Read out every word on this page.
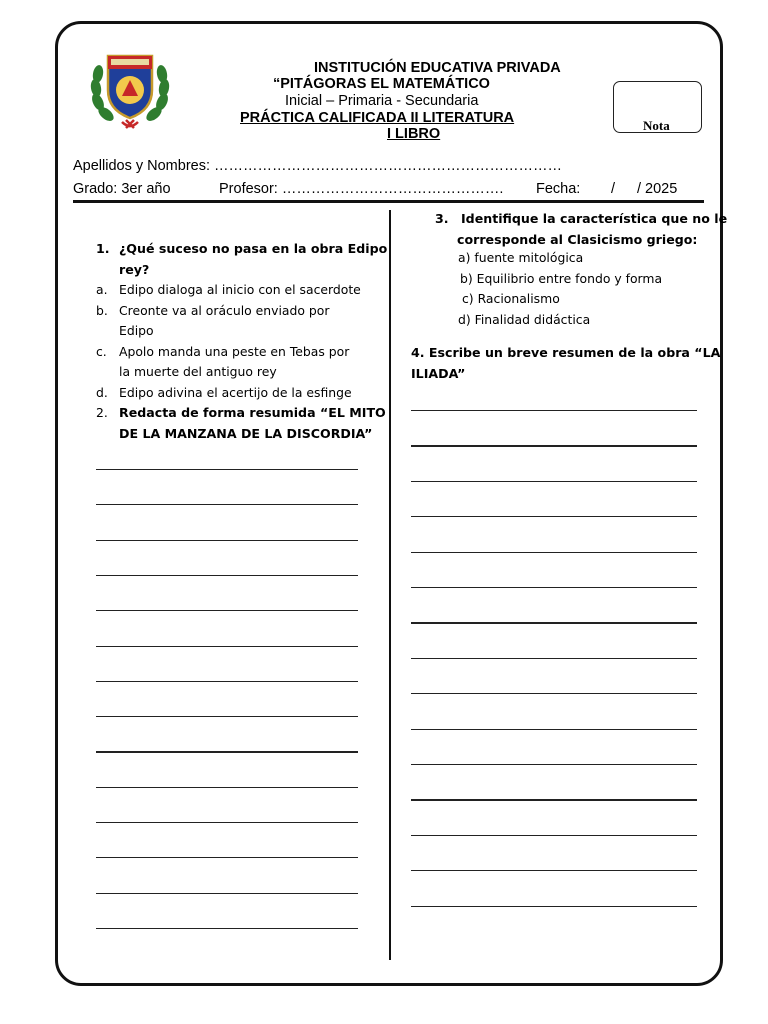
INSTITUCIÓN EDUCATIVA PRIVADA
“PITÁGORAS EL MATEMÁTICO
Inicial – Primaria - Secundaria
PRÁCTICA CALIFICADA II LITERATURA
I LIBRO
Nota
Apellidos y Nombres: ………………………………………………………………
Grado: 3er año	Profesor: ………………………………………. Fecha: / / 2025
1. ¿Qué suceso no pasa en la obra Edipo
rey?
a. Edipo dialoga al inicio con el sacerdote
b. Creonte va al oráculo enviado por
Edipo
c. Apolo manda una peste en Tebas por
la muerte del antiguo rey
d. Edipo adivina el acertijo de la esfinge
2. Redacta de forma resumida “EL MITO
DE LA MANZANA DE LA DISCORDIA”
3. Identifique la característica que no le
corresponde al Clasicismo griego:
a) fuente mitológica
b) Equilibrio entre fondo y forma
c) Racionalismo
d) Finalidad didáctica
4. Escribe un breve resumen de la obra “LA
ILIADA”
